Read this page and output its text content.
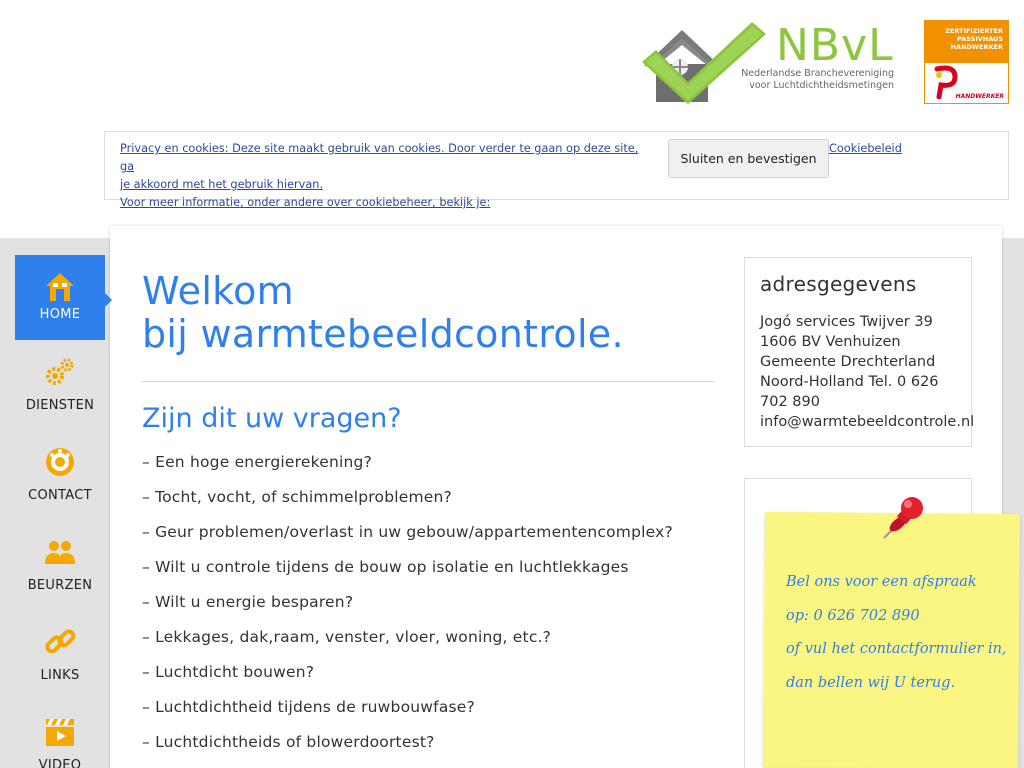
NBvL
Nederlandse Branchevereniging
voor Luchtdichtheidsmetingen
ZERTIFIZIERTER
PASSIVHAUS
HANDWERKER
HANDWERKER
Privacy en cookies: Deze site maakt gebruik van cookies. Door verder te gaan op deze site, ga
je akkoord met het gebruik hiervan.
Voor meer informatie, onder andere over cookiebeheer, bekijk je:
Sluiten en bevestigen
Cookiebeleid
HOME
DIENSTEN
CONTACT
BEURZEN
LINKS
VIDEO
Welkom
bij warmtebeeldcontrole.
Zijn dit uw vragen?
– Een hoge energierekening?
– Tocht, vocht, of schimmelproblemen?
– Geur problemen/overlast in uw gebouw/appartementencomplex?
– Wilt u controle tijdens de bouw op isolatie en luchtlekkages
– Wilt u energie besparen?
– Lekkages, dak,raam, venster, vloer, woning, etc.?
– Luchtdicht bouwen?
– Luchtdichtheid tijdens de ruwbouwfase?
– Luchtdichtheids of blowerdoortest?
adresgegevens
Jogó services Twijver 39
1606 BV Venhuizen
Gemeente Drechterland
Noord-Holland Tel. 0 626
702 890
info@warmtebeeldcontrole.nl
Bel ons voor een afspraak
op: 0 626 702 890
of vul het contactformulier in,
dan bellen wij U terug.
